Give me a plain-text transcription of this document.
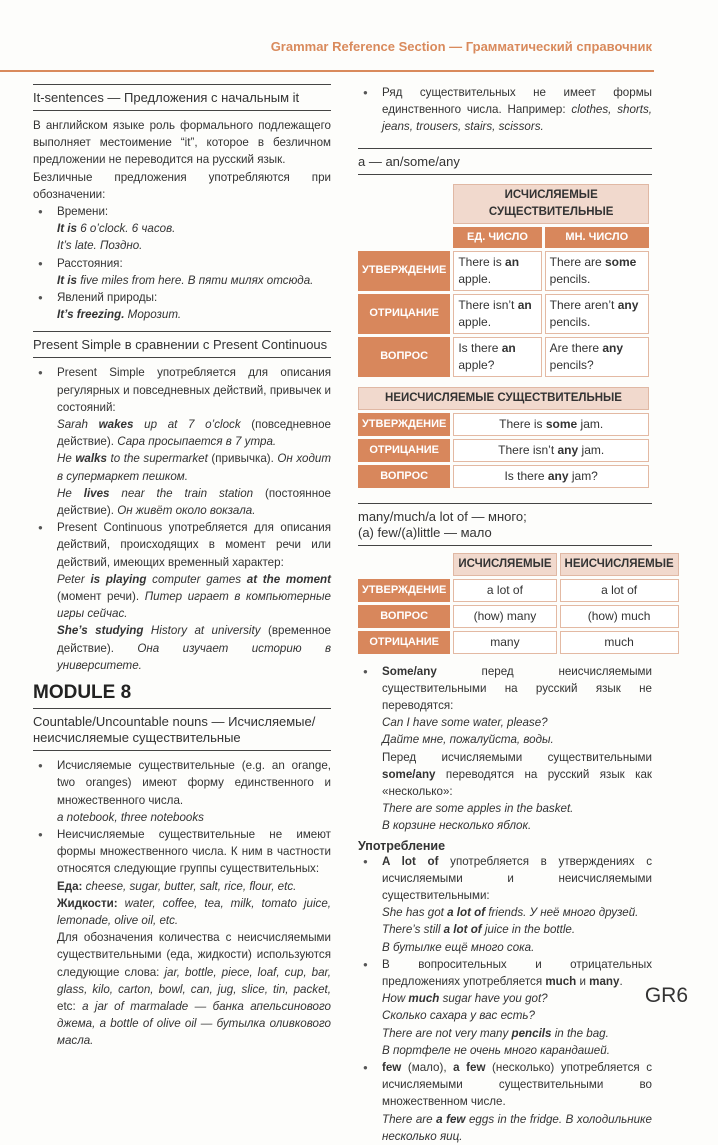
Grammar Reference Section — Грамматический справочник
It-sentences — Предложения с начальным it

В английском языке роль формального подлежащего выполняет местоимение “it”, которое в безличном предложении не переводится на русский язык.

Безличные предложения употребляются при обозначении:

● Времени:
It is 6 o’clock. 6 часов.
It’s late. Поздно.
● Расстояния:
It is five miles from here. В пяти милях отсюда.
● Явлений природы:
It’s freezing. Морозит.
Present Simple в сравнении с Present Continuous
● Present Simple употребляется для описания регулярных и повседневных действий, привычек и состояний:
Sarah wakes up at 7 o’clock (повседневное действие). Сара просыпается в 7 утра.
He walks to the supermarket (привычка). Он ходит в супермаркет пешком.
He lives near the train station (постоянное действие). Он живёт около вокзала.
● Present Continuous употребляется для описания действий, происходящих в момент речи или действий, имеющих временный характер:
Peter is playing computer games at the moment (момент речи). Питер играет в компьютерные игры сейчас.
She’s studying History at university (временное действие). Она изучает историю в университете.
MODULE 8
Countable/Uncountable nouns — Исчисляемые/ неисчисляемые существительные
● Исчисляемые существительные (e.g. an orange, two oranges) имеют форму единственного и множественного числа.
a notebook, three notebooks
● Неисчисляемые существительные не имеют формы множественного числа. К ним в частности относятся следующие группы существительных:
Еда: cheese, sugar, butter, salt, rice, flour, etc.
Жидкости: water, coffee, tea, milk, tomato juice, lemonade, olive oil, etc.
Для обозначения количества с неисчисляемыми существительными (еда, жидкости) используются следующие слова: jar, bottle, piece, loaf, cup, bar, glass, kilo, carton, bowl, can, jug, slice, tin, packet, etc: a jar of marmalade — банка апельсинового джема, a bottle of olive oil — бутылка оливкового масла.
● Ряд существительных не имеет формы единственного числа. Например: clothes, shorts, jeans, trousers, stairs, scissors.
a — an/some/any
	ИСЧИСЛЯЕМЫЕ СУЩЕСТВИТЕЛЬНЫЕ	
	ЕД. ЧИСЛО	МН. ЧИСЛО
УТВЕРЖДЕНИЕ	There is an apple.	There are some pencils.
ОТРИЦАНИЕ	There isn’t an apple.	There aren’t any pencils.
ВОПРОС	Is there an apple?	Are there any pencils?
НЕИСЧИСЛЯЕМЫЕ СУЩЕСТВИТЕЛЬНЫЕ	
УТВЕРЖДЕНИЕ	There is some jam.
ОТРИЦАНИЕ	There isn’t any jam.
ВОПРОС	Is there any jam?
many/much/a lot of — много;
(a) few/(a)little — мало
	ИСЧИСЛЯЕМЫЕ	НЕИСЧИСЛЯЕМЫЕ
УТВЕРЖДЕНИЕ	a lot of	a lot of
ВОПРОС	(how) many	(how) much
ОТРИЦАНИЕ	many	much
● Some/any перед неисчисляемыми существительными на русский язык не переводятся:
Can I have some water, please?
Дайте мне, пожалуйста, воды.
Перед исчисляемыми существительными some/any переводятся на русский язык как «несколько»:
There are some apples in the basket.
В корзине несколько яблок.
Употребление
● A lot of употребляется в утверждениях с исчисляемыми и неисчисляемыми существительными:
She has got a lot of friends. У неё много друзей.
There’s still a lot of juice in the bottle.
В бутылке ещё много сока.
● В вопросительных и отрицательных предложениях употребляется much и many.
How much sugar have you got?
Сколько сахара у вас есть?
There are not very many pencils in the bag.
В портфеле не очень много карандашей.
● few (мало), a few (несколько) употребляется с исчисляемыми существительными во множественном числе.
There are a few eggs in the fridge. В холодильнике несколько яиц.
GR6
